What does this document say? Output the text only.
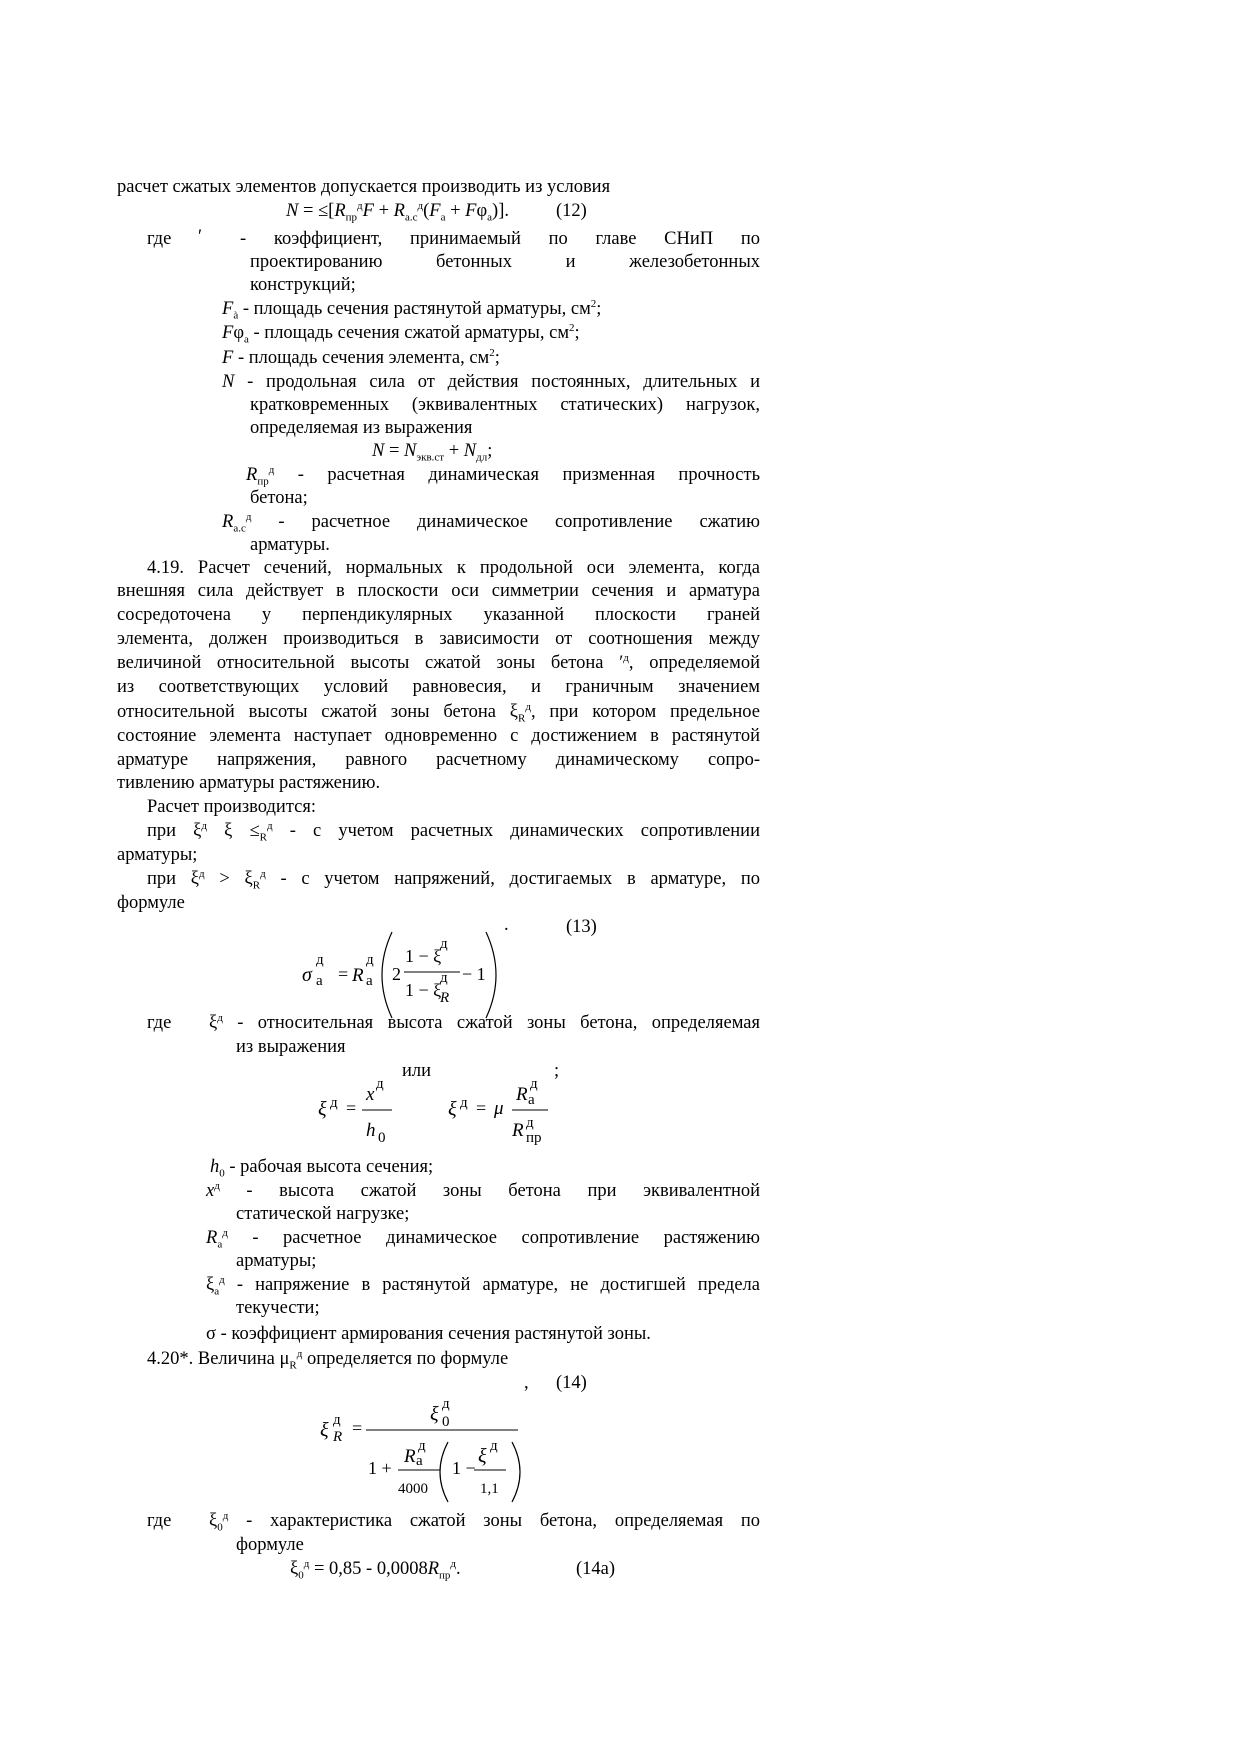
расчет сжатых элементов допускается производить из условия
$N = \le[R_{пр}^дF + R_{а.с}^д(F_а + F\varphi_а)]$.	(12)
где ′ - коэффициент, принимаемый по главе СНиП по
проектированию бетонных и железобетонных
конструкций;
$F_à$ - площадь сечения растянутой арматуры, $см^2$;
$F\varphi_а$ - площадь сечения сжатой арматуры, $см^2$;
F - площадь сечения элемента, $см^2$;
N - продольная сила от действия постоянных, длительных и
кратковременных (эквивалентных статических) нагрузок,
определяемая из выражения
$N = N_{экв.ст} + N_{дл}$;
$R_{пр}^д$ - расчетная динамическая призменная прочность
бетона;
$R_{а.с}^д$ - расчетное динамическое сопротивление сжатию
арматуры.
4.19. Расчет сечений, нормальных к продольной оси элемента, когда
внешняя сила действует в плоскости оси симметрии сечения и арматура
сосредоточена у перпендикулярных указанной плоскости граней
элемента, должен производиться в зависимости от соотношения между
величиной относительной высоты сжатой зоны бетона $'^д$, определяемой
из соответствующих условий равновесия, и граничным значением
относительной высоты сжатой зоны бетона $\xi_R^д$, при котором предельное
состояние элемента наступает одновременно с достижением в растянутой
арматуре напряжения, равного расчетному динамическому сопро-
тивлению арматуры растяжению.
Расчет производится:
при $\xi^д$ $\xi \le_R^д - с$ учетом расчетных динамических сопротивлении
арматуры;
при $\xi^д > \xi_R^д - с$ учетом напряжений, достигаемых в арматуре, по
формуле
.	(13)
σ
д
а = R
д
а 2
1 − ξ
д
1 − ξ
д
R
− 1
где $\xi^д$ - относительная высота сжатой зоны бетона, определяемая
из выражения
или	;
ξ д =
x д
h 0
ξ д = μ
R д
а
R д
пр
$h_0$ - рабочая высота сечения;
$x^д$ - высота сжатой зоны бетона при эквивалентной
статической нагрузке;
$R_а^д$ - расчетное динамическое сопротивление растяжению
арматуры;
$\xi_а^д$ - напряжение в растянутой арматуре, не достигшей предела
текучести;
σ - коэффициент армирования сечения растянутой зоны.
4.20*. Величина $\mu_R^д$ определяется по формуле
, (14)
ξ д
R =
ξ д
0
1 +
R д
а
4000
1 −
ξ д
1,1
где $\xi_0^д$ - характеристика сжатой зоны бетона, определяемая по
формуле
$\xi_0^д = 0,85 - 0,0008R_{пр}^д$.	(14а)
